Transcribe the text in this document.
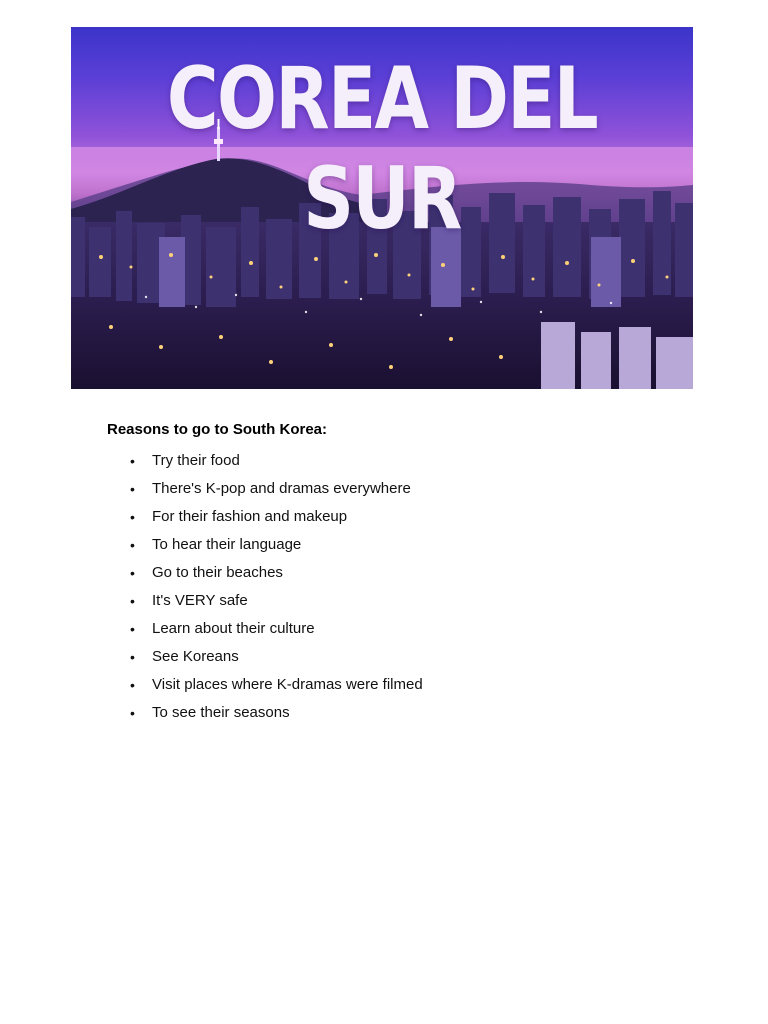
COREA DEL SUR

Reasons to go to South Korea:

• Try their food
• There's K-pop and dramas everywhere
• For their fashion and makeup
• To hear their language
• Go to their beaches
• It's VERY safe
• Learn about their culture
• See Koreans
• Visit places where K-dramas were filmed
• To see their seasons
